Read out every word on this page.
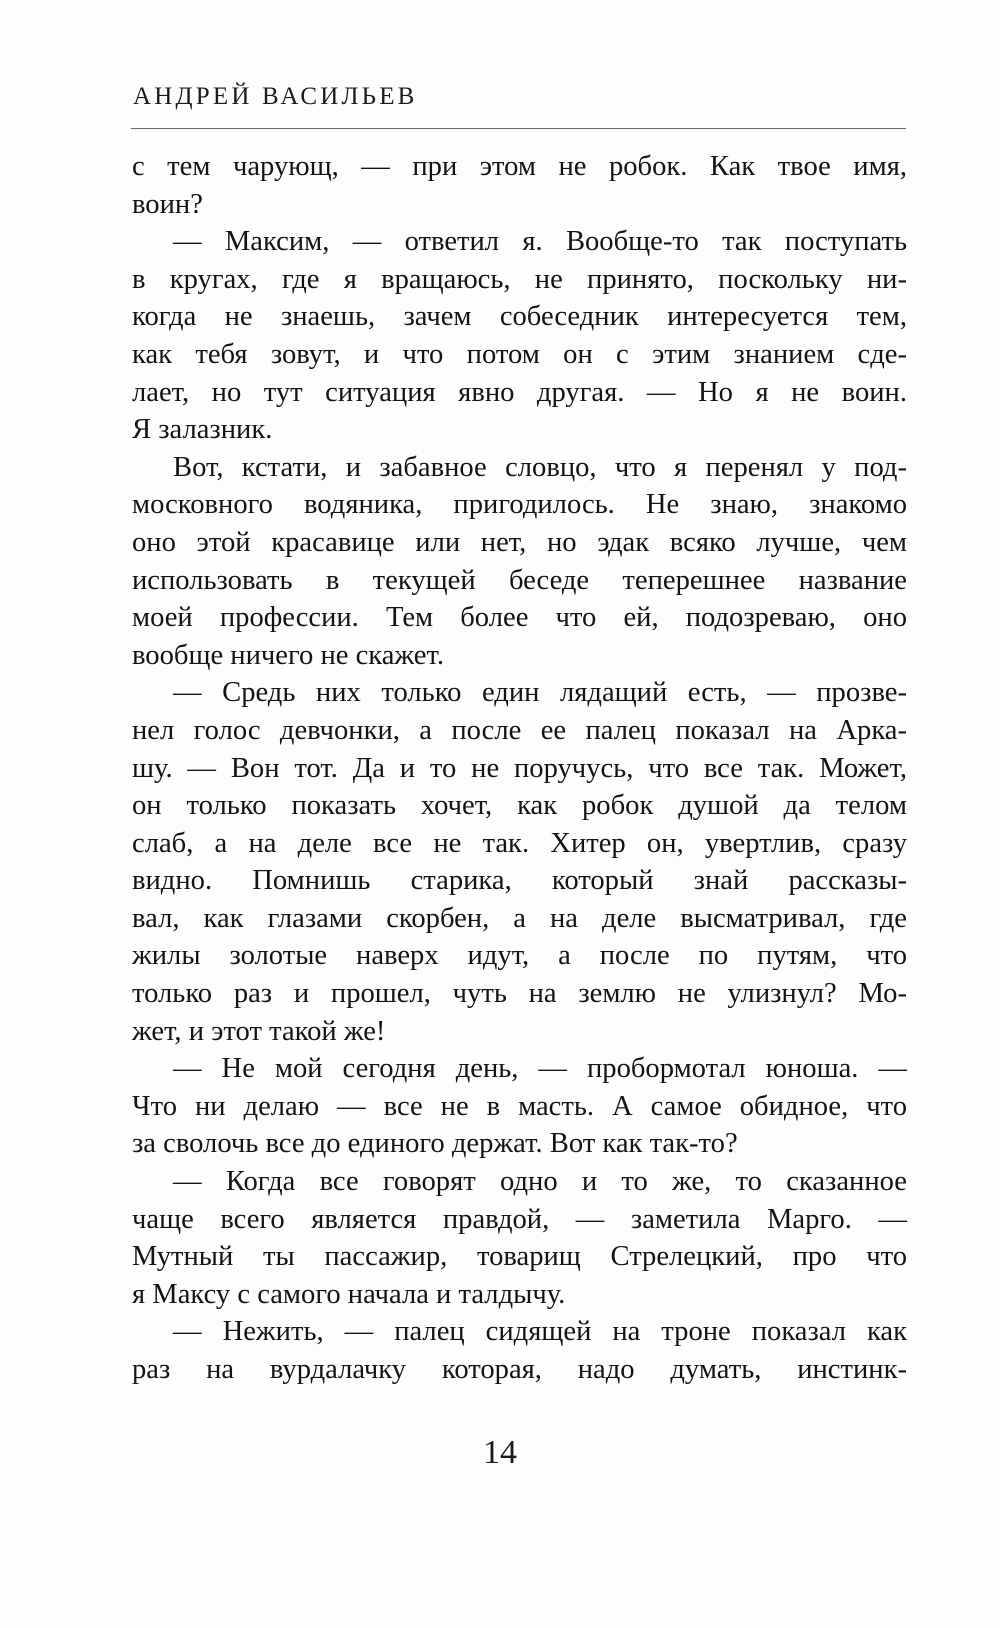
АНДРЕЙ ВАСИЛЬЕВ
с тем чарующ, — при этом не робок. Как твое имя,
воин?
— Максим, — ответил я. Вообще-то так поступать
в кругах, где я вращаюсь, не принято, поскольку ни-
когда не знаешь, зачем собеседник интересуется тем,
как тебя зовут, и что потом он с этим знанием сде-
лает, но тут ситуация явно другая. — Но я не воин.
Я залазник.
Вот, кстати, и забавное словцо, что я перенял у под-
московного водяника, пригодилось. Не знаю, знакомо
оно этой красавице или нет, но эдак всяко лучше, чем
использовать в текущей беседе теперешнее название
моей профессии. Тем более что ей, подозреваю, оно
вообще ничего не скажет.
— Средь них только един лядащий есть, — прозве-
нел голос девчонки, а после ее палец показал на Арка-
шу. — Вон тот. Да и то не поручусь, что все так. Может,
он только показать хочет, как робок душой да телом
слаб, а на деле все не так. Хитер он, увертлив, сразу
видно. Помнишь старика, который знай рассказы-
вал, как глазами скорбен, а на деле высматривал, где
жилы золотые наверх идут, а после по путям, что
только раз и прошел, чуть на землю не улизнул? Мо-
жет, и этот такой же!
— Не мой сегодня день, — пробормотал юноша. —
Что ни делаю — все не в масть. А самое обидное, что
за сволочь все до единого держат. Вот как так-то?
— Когда все говорят одно и то же, то сказанное
чаще всего является правдой, — заметила Марго. —
Мутный ты пассажир, товарищ Стрелецкий, про что
я Максу с самого начала и талдычу.
— Нежить, — палец сидящей на троне показал как
раз на вурдалачку которая, надо думать, инстинк-
14
